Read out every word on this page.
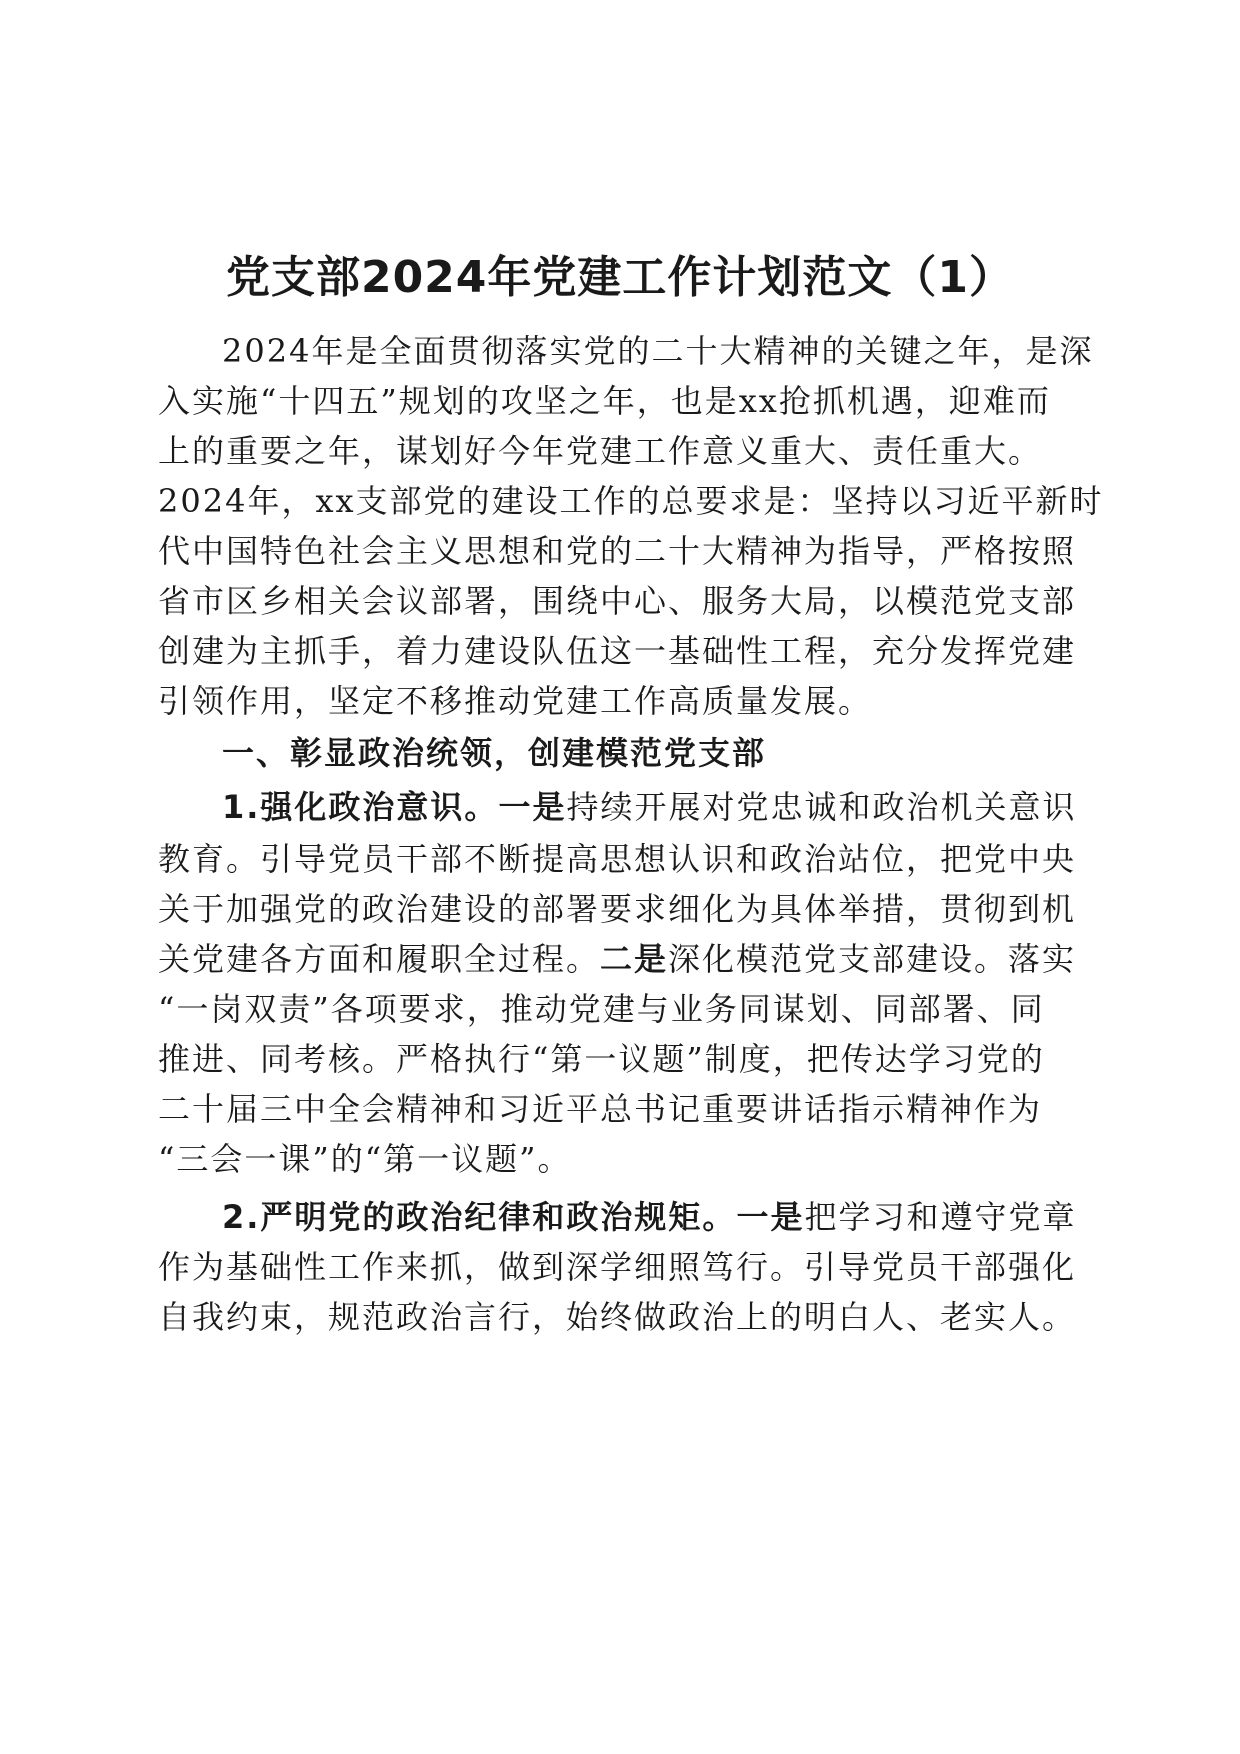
党支部2024年党建工作计划范文（1）
2024年是全面贯彻落实党的二十大精神的关键之年，是深
入实施“十四五”规划的攻坚之年，也是xx抢抓机遇，迎难而
上的重要之年，谋划好今年党建工作意义重大、责任重大。
2024年，xx支部党的建设工作的总要求是：坚持以习近平新时
代中国特色社会主义思想和党的二十大精神为指导，严格按照
省市区乡相关会议部署，围绕中心、服务大局，以模范党支部
创建为主抓手，着力建设队伍这一基础性工程，充分发挥党建
引领作用，坚定不移推动党建工作高质量发展。
一、彰显政治统领，创建模范党支部
1.强化政治意识。一是持续开展对党忠诚和政治机关意识
教育。引导党员干部不断提高思想认识和政治站位，把党中央
关于加强党的政治建设的部署要求细化为具体举措，贯彻到机
关党建各方面和履职全过程。二是深化模范党支部建设。落实
“一岗双责”各项要求，推动党建与业务同谋划、同部署、同
推进、同考核。严格执行“第一议题”制度，把传达学习党的
二十届三中全会精神和习近平总书记重要讲话指示精神作为
“三会一课”的“第一议题”。
2.严明党的政治纪律和政治规矩。一是把学习和遵守党章
作为基础性工作来抓，做到深学细照笃行。引导党员干部强化
自我约束，规范政治言行，始终做政治上的明白人、老实人。
